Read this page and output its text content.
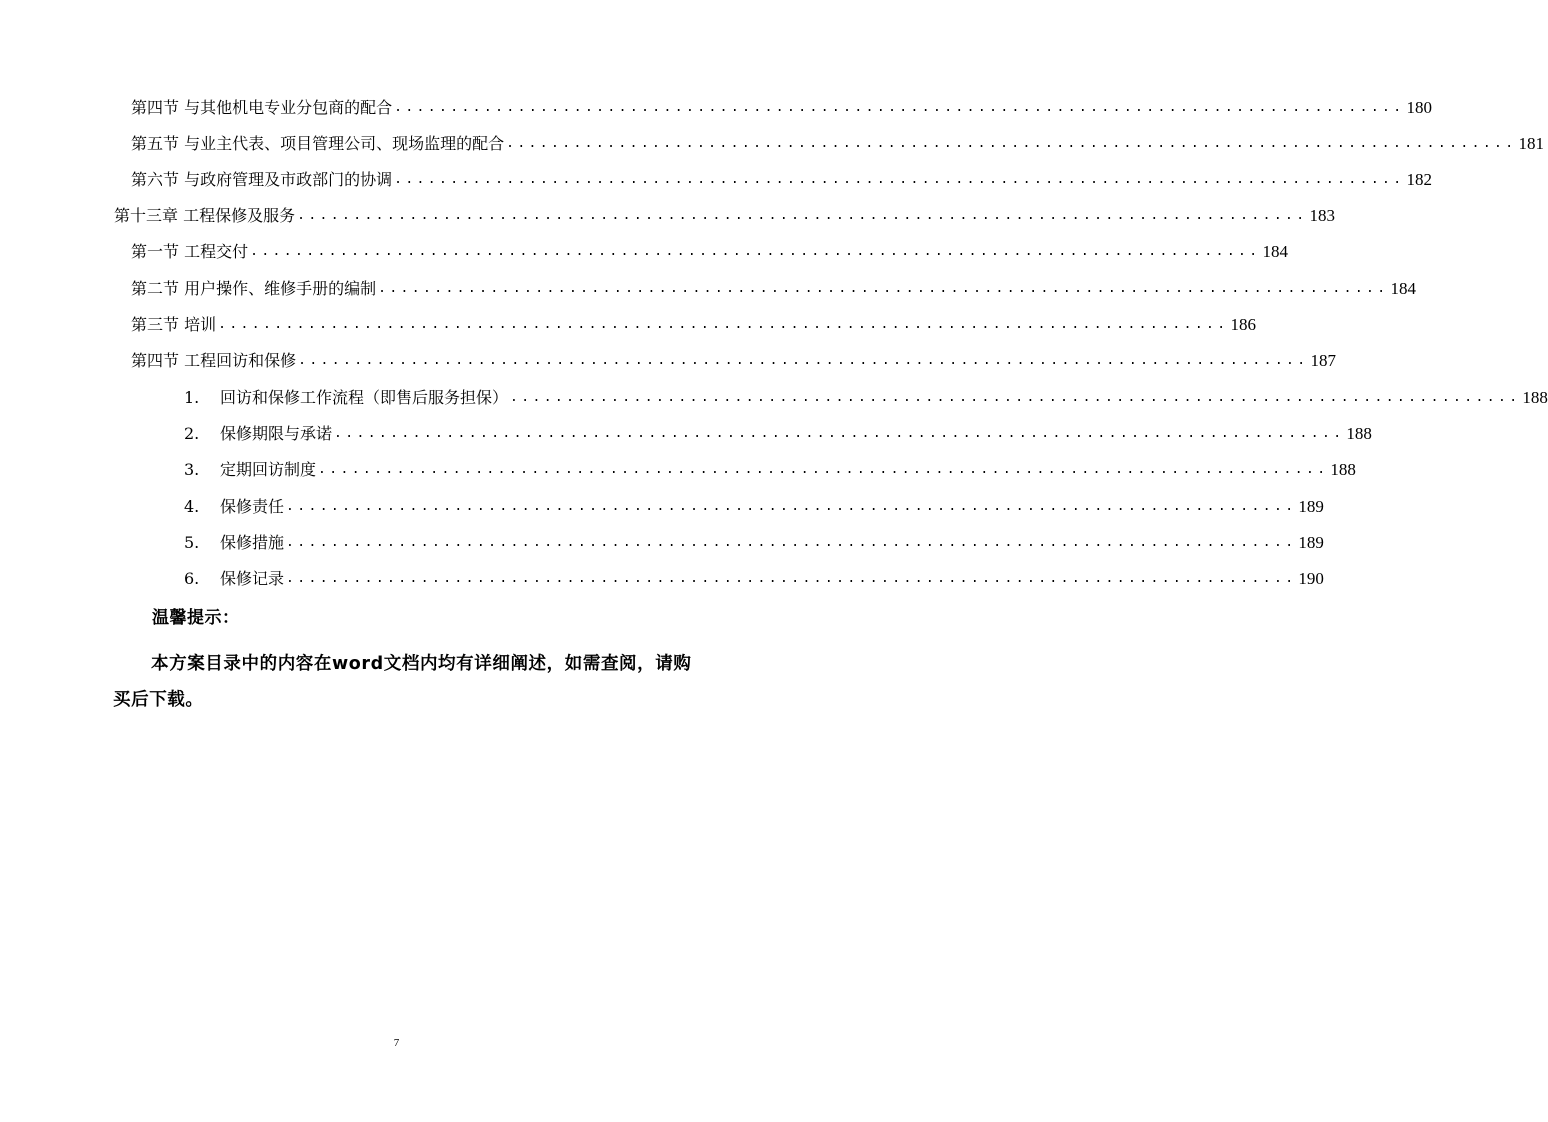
第四节 与其他机电专业分包商的配合 .......................................................................................... 180
第五节 与业主代表、项目管理公司、现场监理的配合 .......................................................................................... 181
第六节 与政府管理及市政部门的协调 .......................................................................................... 182
第十三章 工程保修及服务 .......................................................................................... 183
第一节 工程交付 .......................................................................................... 184
第二节 用户操作、维修手册的编制 .......................................................................................... 184
第三节 培训 .......................................................................................... 186
第四节 工程回访和保修 .......................................................................................... 187
1. 回访和保修工作流程（即售后服务担保） .......................................................................................... 188
2. 保修期限与承诺 .......................................................................................... 188
3. 定期回访制度 .......................................................................................... 188
4. 保修责任 .......................................................................................... 189
5. 保修措施 .......................................................................................... 189
6. 保修记录 .......................................................................................... 190
温馨提示：
本方案目录中的内容在word文档内均有详细阐述，如需查阅，请购买后下载。
7
